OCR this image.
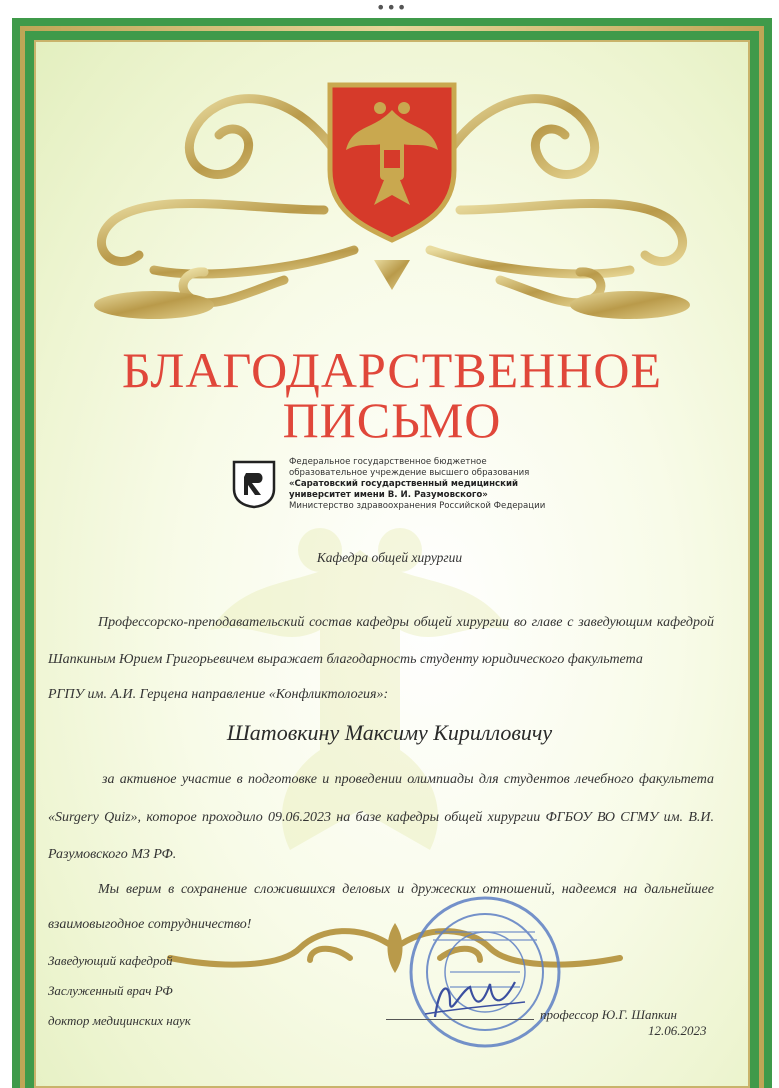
•••
БЛАГОДАРСТВЕННОЕ
ПИСЬМО
Федеральное государственное бюджетное
образовательное учреждение высшего образования
«Саратовский государственный медицинский
университет имени В. И. Разумовского»
Министерство здравоохранения Российской Федерации
Кафедра общей хирургии
Профессорско-преподавательский состав кафедры общей хирургии во главе с заведующим кафедрой
Шапкиным Юрием Григорьевичем выражает благодарность студенту юридического факультета
РГПУ им. А.И. Герцена направление «Конфликтология»:
Шатовкину Максиму Кирилловичу
за активное участие в подготовке и проведении олимпиады для студентов лечебного факультета
«Surgery Quiz», которое проходило 09.06.2023 на базе кафедры общей хирургии ФГБОУ ВО СГМУ им. В.И.
Разумовского МЗ РФ.
Мы верим в сохранение сложившихся деловых и дружеских отношений, надеемся на дальнейшее
взаимовыгодное сотрудничество!
Заведующий кафедрой
Заслуженный врач РФ
доктор медицинских наук	профессор Ю.Г. Шапкин
12.06.2023
